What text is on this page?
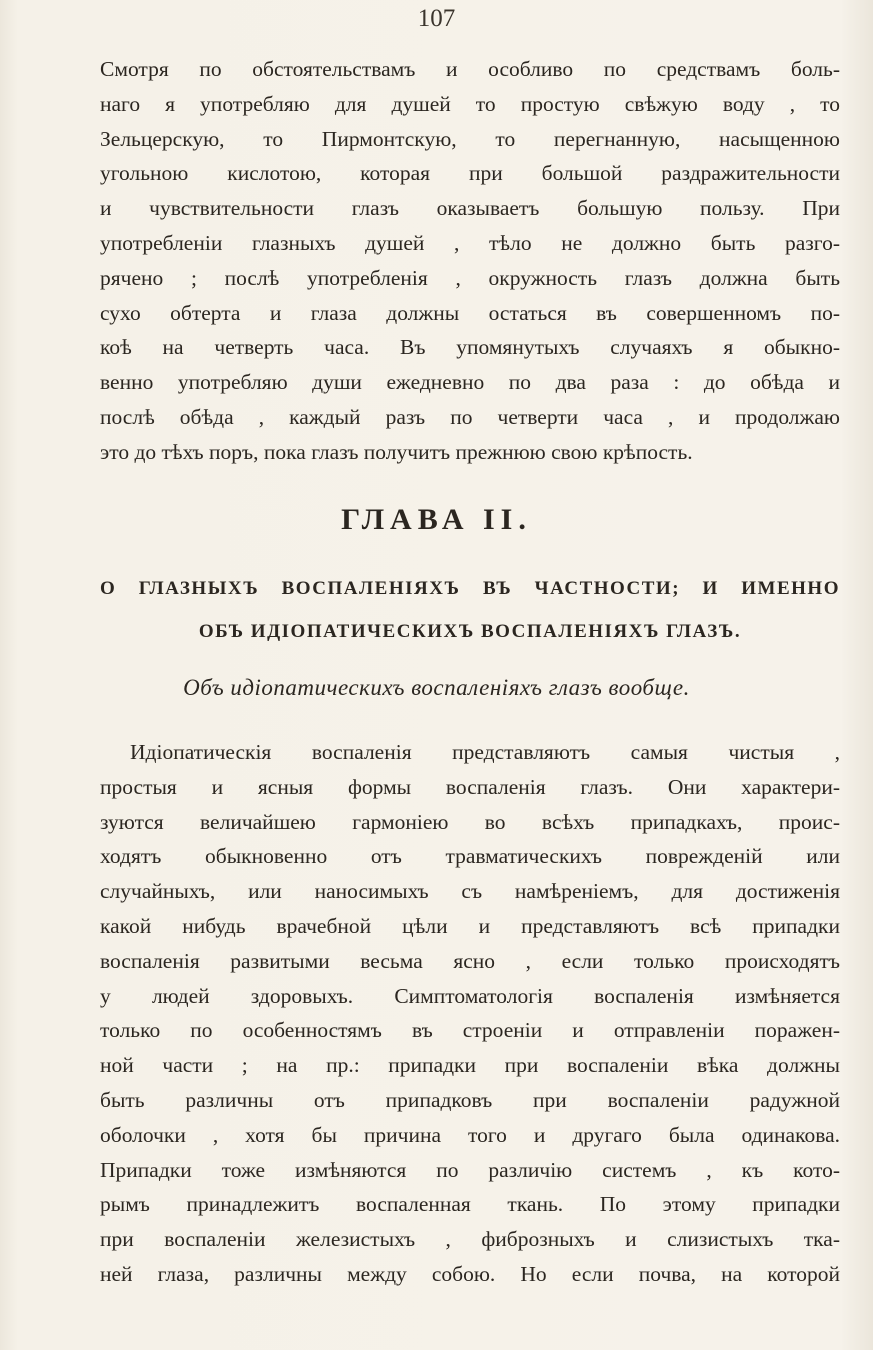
107
Смотря по обстоятельствамъ и особливо по средствамъ боль-
наго я употребляю для душей то простую свѣжую воду , то
Зельцерскую, то Пирмонтскую, то перегнанную, насыщенною
угольною кислотою, которая при большой раздражительности
и чувствительности глазъ оказываетъ большую пользу. При
употребленіи глазныхъ душей , тѣло не должно быть разго-
рячено ; послѣ употребленія , окружность глазъ должна быть
сухо обтерта и глаза должны остаться въ совершенномъ по-
коѣ на четверть часа. Въ упомянутыхъ случаяхъ я обыкно-
венно употребляю души ежедневно по два раза : до обѣда и
послѣ обѣда , каждый разъ по четверти часа , и продолжаю
это до тѣхъ поръ, пока глазъ получитъ прежнюю свою крѣпость.
ГЛАВА II.
О ГЛАЗНЫХЪ ВОСПАЛЕНІЯХЪ ВЪ ЧАСТНОСТИ; И ИМЕННО
ОБЪ ИДІОПАТИЧЕСКИХЪ ВОСПАЛЕНІЯХЪ ГЛАЗЪ.
Объ идіопатическихъ воспаленіяхъ глазъ вообще.
Идіопатическія воспаленія представляютъ самыя чистыя ,
простыя и ясныя формы воспаленія глазъ. Они характери-
зуются величайшею гармоніею во всѣхъ припадкахъ, проис-
ходятъ обыкновенно отъ травматическихъ поврежденій или
случайныхъ, или наносимыхъ съ намѣреніемъ, для достиженія
какой нибудь врачебной цѣли и представляютъ всѣ припадки
воспаленія развитыми весьма ясно , если только происходятъ
у людей здоровыхъ. Симптоматологія воспаленія измѣняется
только по особенностямъ въ строеніи и отправленіи поражен-
ной части ; на пр.: припадки при воспаленіи вѣка должны
быть различны отъ припадковъ при воспаленіи радужной
оболочки , хотя бы причина того и другаго была одинакова.
Припадки тоже измѣняются по различію системъ , къ кото-
рымъ принадлежитъ воспаленная ткань. По этому припадки
при воспаленіи железистыхъ , фиброзныхъ и слизистыхъ тка-
ней глаза, различны между собою. Но если почва, на которой
